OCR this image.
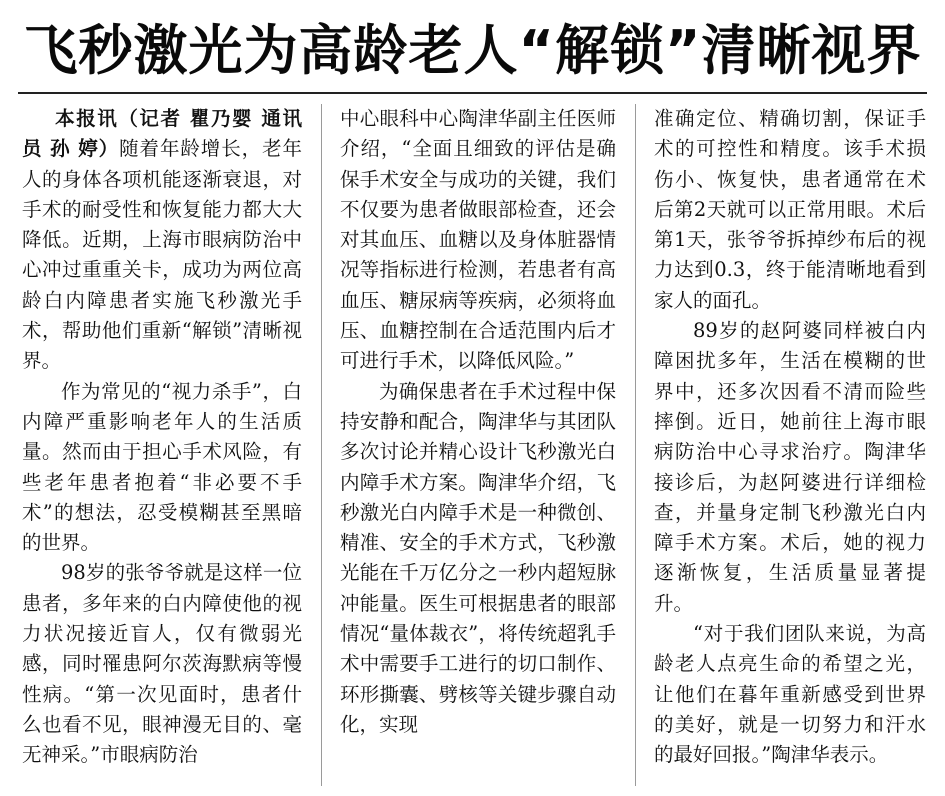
飞秒激光为高龄老人“解锁”清晰视界

本报讯（记者 瞿乃婴 通讯员 孙 婷）随着年龄增长，老年人的身体各项机能逐渐衰退，对手术的耐受性和恢复能力都大大降低。近期，上海市眼病防治中心冲过重重关卡，成功为两位高龄白内障患者实施飞秒激光手术，帮助他们重新“解锁”清晰视界。

作为常见的“视力杀手”，白内障严重影响老年人的生活质量。然而由于担心手术风险，有些老年患者抱着“非必要不手术”的想法，忍受模糊甚至黑暗的世界。

98岁的张爷爷就是这样一位患者，多年来的白内障使他的视力状况接近盲人，仅有微弱光感，同时罹患阿尔茨海默病等慢性病。“第一次见面时，患者什么也看不见，眼神漫无目的、毫无神采。”市眼病防治

中心眼科中心陶津华副主任医师介绍，“全面且细致的评估是确保手术安全与成功的关键，我们不仅要为患者做眼部检查，还会对其血压、血糖以及身体脏器情况等指标进行检测，若患者有高血压、糖尿病等疾病，必须将血压、血糖控制在合适范围内后才可进行手术，以降低风险。”

为确保患者在手术过程中保持安静和配合，陶津华与其团队多次讨论并精心设计飞秒激光白内障手术方案。陶津华介绍，飞秒激光白内障手术是一种微创、精准、安全的手术方式，飞秒激光能在千万亿分之一秒内超短脉冲能量。医生可根据患者的眼部情况“量体裁衣”，将传统超乳手术中需要手工进行的切口制作、环形撕囊、劈核等关键步骤自动化，实现

准确定位、精确切割，保证手术的可控性和精度。该手术损伤小、恢复快，患者通常在术后第2天就可以正常用眼。术后第1天，张爷爷拆掉纱布后的视力达到0.3，终于能清晰地看到家人的面孔。

89岁的赵阿婆同样被白内障困扰多年，生活在模糊的世界中，还多次因看不清而险些摔倒。近日，她前往上海市眼病防治中心寻求治疗。陶津华接诊后，为赵阿婆进行详细检查，并量身定制飞秒激光白内障手术方案。术后，她的视力逐渐恢复，生活质量显著提升。

“对于我们团队来说，为高龄老人点亮生命的希望之光，让他们在暮年重新感受到世界的美好，就是一切努力和汗水的最好回报。”陶津华表示。
